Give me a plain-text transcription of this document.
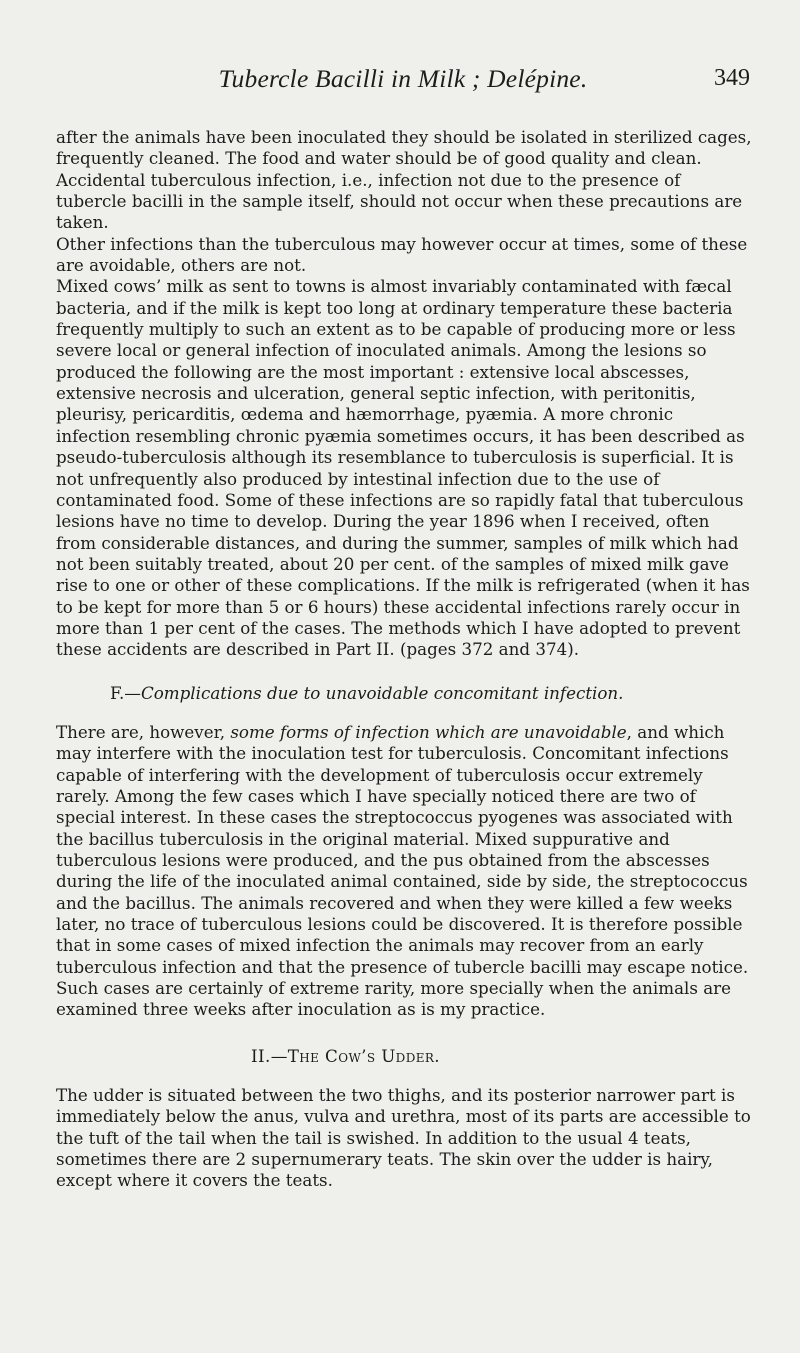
Tubercle Bacilli in Milk ; Delépine.	349

after the animals have been inoculated they should be isolated in sterilized cages, frequently cleaned. The food and water should be of good quality and clean. Accidental tuberculous infection, i.e., infection not due to the presence of tubercle bacilli in the sample itself, should not occur when these precautions are taken.

Other infections than the tuberculous may however occur at times, some of these are avoidable, others are not.

Mixed cows’ milk as sent to towns is almost invariably contaminated with fæcal bacteria, and if the milk is kept too long at ordinary temperature these bacteria frequently multiply to such an extent as to be capable of producing more or less severe local or general infection of inoculated animals. Among the lesions so produced the following are the most important : extensive local abscesses, extensive necrosis and ulceration, general septic infection, with peritonitis, pleurisy, pericarditis, œdema and hæmorrhage, pyæmia. A more chronic infection resembling chronic pyæmia sometimes occurs, it has been described as pseudo-tuberculosis although its resemblance to tuberculosis is superficial. It is not unfrequently also produced by intestinal infection due to the use of contaminated food. Some of these infections are so rapidly fatal that tuberculous lesions have no time to develop. During the year 1896 when I received, often from considerable distances, and during the summer, samples of milk which had not been suitably treated, about 20 per cent. of the samples of mixed milk gave rise to one or other of these complications. If the milk is refrigerated (when it has to be kept for more than 5 or 6 hours) these accidental infections rarely occur in more than 1 per cent of the cases. The methods which I have adopted to prevent these accidents are described in Part II. (pages 372 and 374).

F.—Complications due to unavoidable concomitant infection.

There are, however, some forms of infection which are unavoidable, and which may interfere with the inoculation test for tuberculosis. Concomitant infections capable of interfering with the development of tuberculosis occur extremely rarely. Among the few cases which I have specially noticed there are two of special interest. In these cases the streptococcus pyogenes was associated with the bacillus tuberculosis in the original material. Mixed suppurative and tuberculous lesions were produced, and the pus obtained from the abscesses during the life of the inoculated animal contained, side by side, the streptococcus and the bacillus. The animals recovered and when they were killed a few weeks later, no trace of tuberculous lesions could be discovered. It is therefore possible that in some cases of mixed infection the animals may recover from an early tuberculous infection and that the presence of tubercle bacilli may escape notice. Such cases are certainly of extreme rarity, more specially when the animals are examined three weeks after inoculation as is my practice.

II.—The Cow’s Udder.

The udder is situated between the two thighs, and its posterior narrower part is immediately below the anus, vulva and urethra, most of its parts are accessible to the tuft of the tail when the tail is swished. In addition to the usual 4 teats, sometimes there are 2 supernumerary teats. The skin over the udder is hairy, except where it covers the teats.
